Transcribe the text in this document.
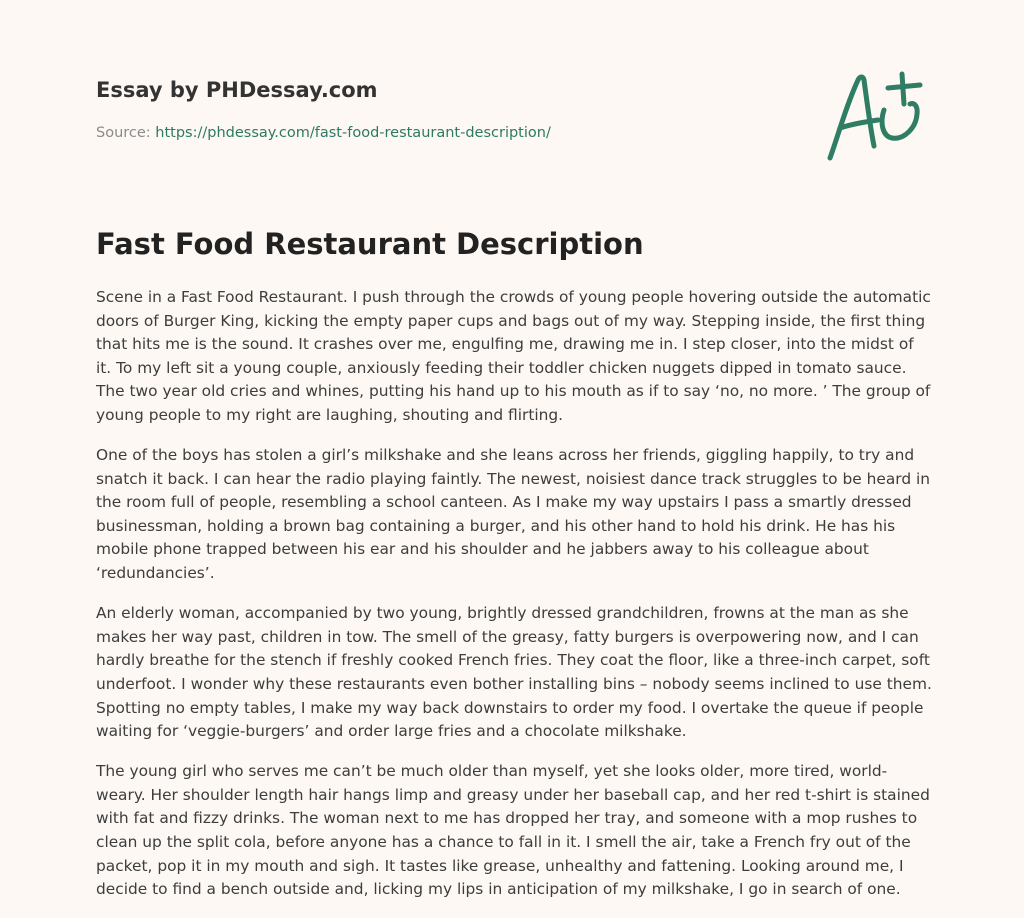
Essay by PHDessay.com
Source: https://phdessay.com/fast-food-restaurant-description/
Fast Food Restaurant Description

Scene in a Fast Food Restaurant. I push through the crowds of young people hovering outside the automatic doors of Burger King, kicking the empty paper cups and bags out of my way. Stepping inside, the first thing that hits me is the sound. It crashes over me, engulfing me, drawing me in. I step closer, into the midst of it. To my left sit a young couple, anxiously feeding their toddler chicken nuggets dipped in tomato sauce. The two year old cries and whines, putting his hand up to his mouth as if to say ‘no, no more. ’ The group of young people to my right are laughing, shouting and flirting.

One of the boys has stolen a girl’s milkshake and she leans across her friends, giggling happily, to try and snatch it back. I can hear the radio playing faintly. The newest, noisiest dance track struggles to be heard in the room full of people, resembling a school canteen. As I make my way upstairs I pass a smartly dressed businessman, holding a brown bag containing a burger, and his other hand to hold his drink. He has his mobile phone trapped between his ear and his shoulder and he jabbers away to his colleague about ‘redundancies’.

An elderly woman, accompanied by two young, brightly dressed grandchildren, frowns at the man as she makes her way past, children in tow. The smell of the greasy, fatty burgers is overpowering now, and I can hardly breathe for the stench if freshly cooked French fries. They coat the floor, like a three-inch carpet, soft underfoot. I wonder why these restaurants even bother installing bins – nobody seems inclined to use them. Spotting no empty tables, I make my way back downstairs to order my food. I overtake the queue if people waiting for ‘veggie-burgers’ and order large fries and a chocolate milkshake.

The young girl who serves me can’t be much older than myself, yet she looks older, more tired, world-weary. Her shoulder length hair hangs limp and greasy under her baseball cap, and her red t-shirt is stained with fat and fizzy drinks. The woman next to me has dropped her tray, and someone with a mop rushes to clean up the split cola, before anyone has a chance to fall in it. I smell the air, take a French fry out of the packet, pop it in my mouth and sigh. It tastes like grease, unhealthy and fattening. Looking around me, I decide to find a bench outside and, licking my lips in anticipation of my milkshake, I go in search of one.
